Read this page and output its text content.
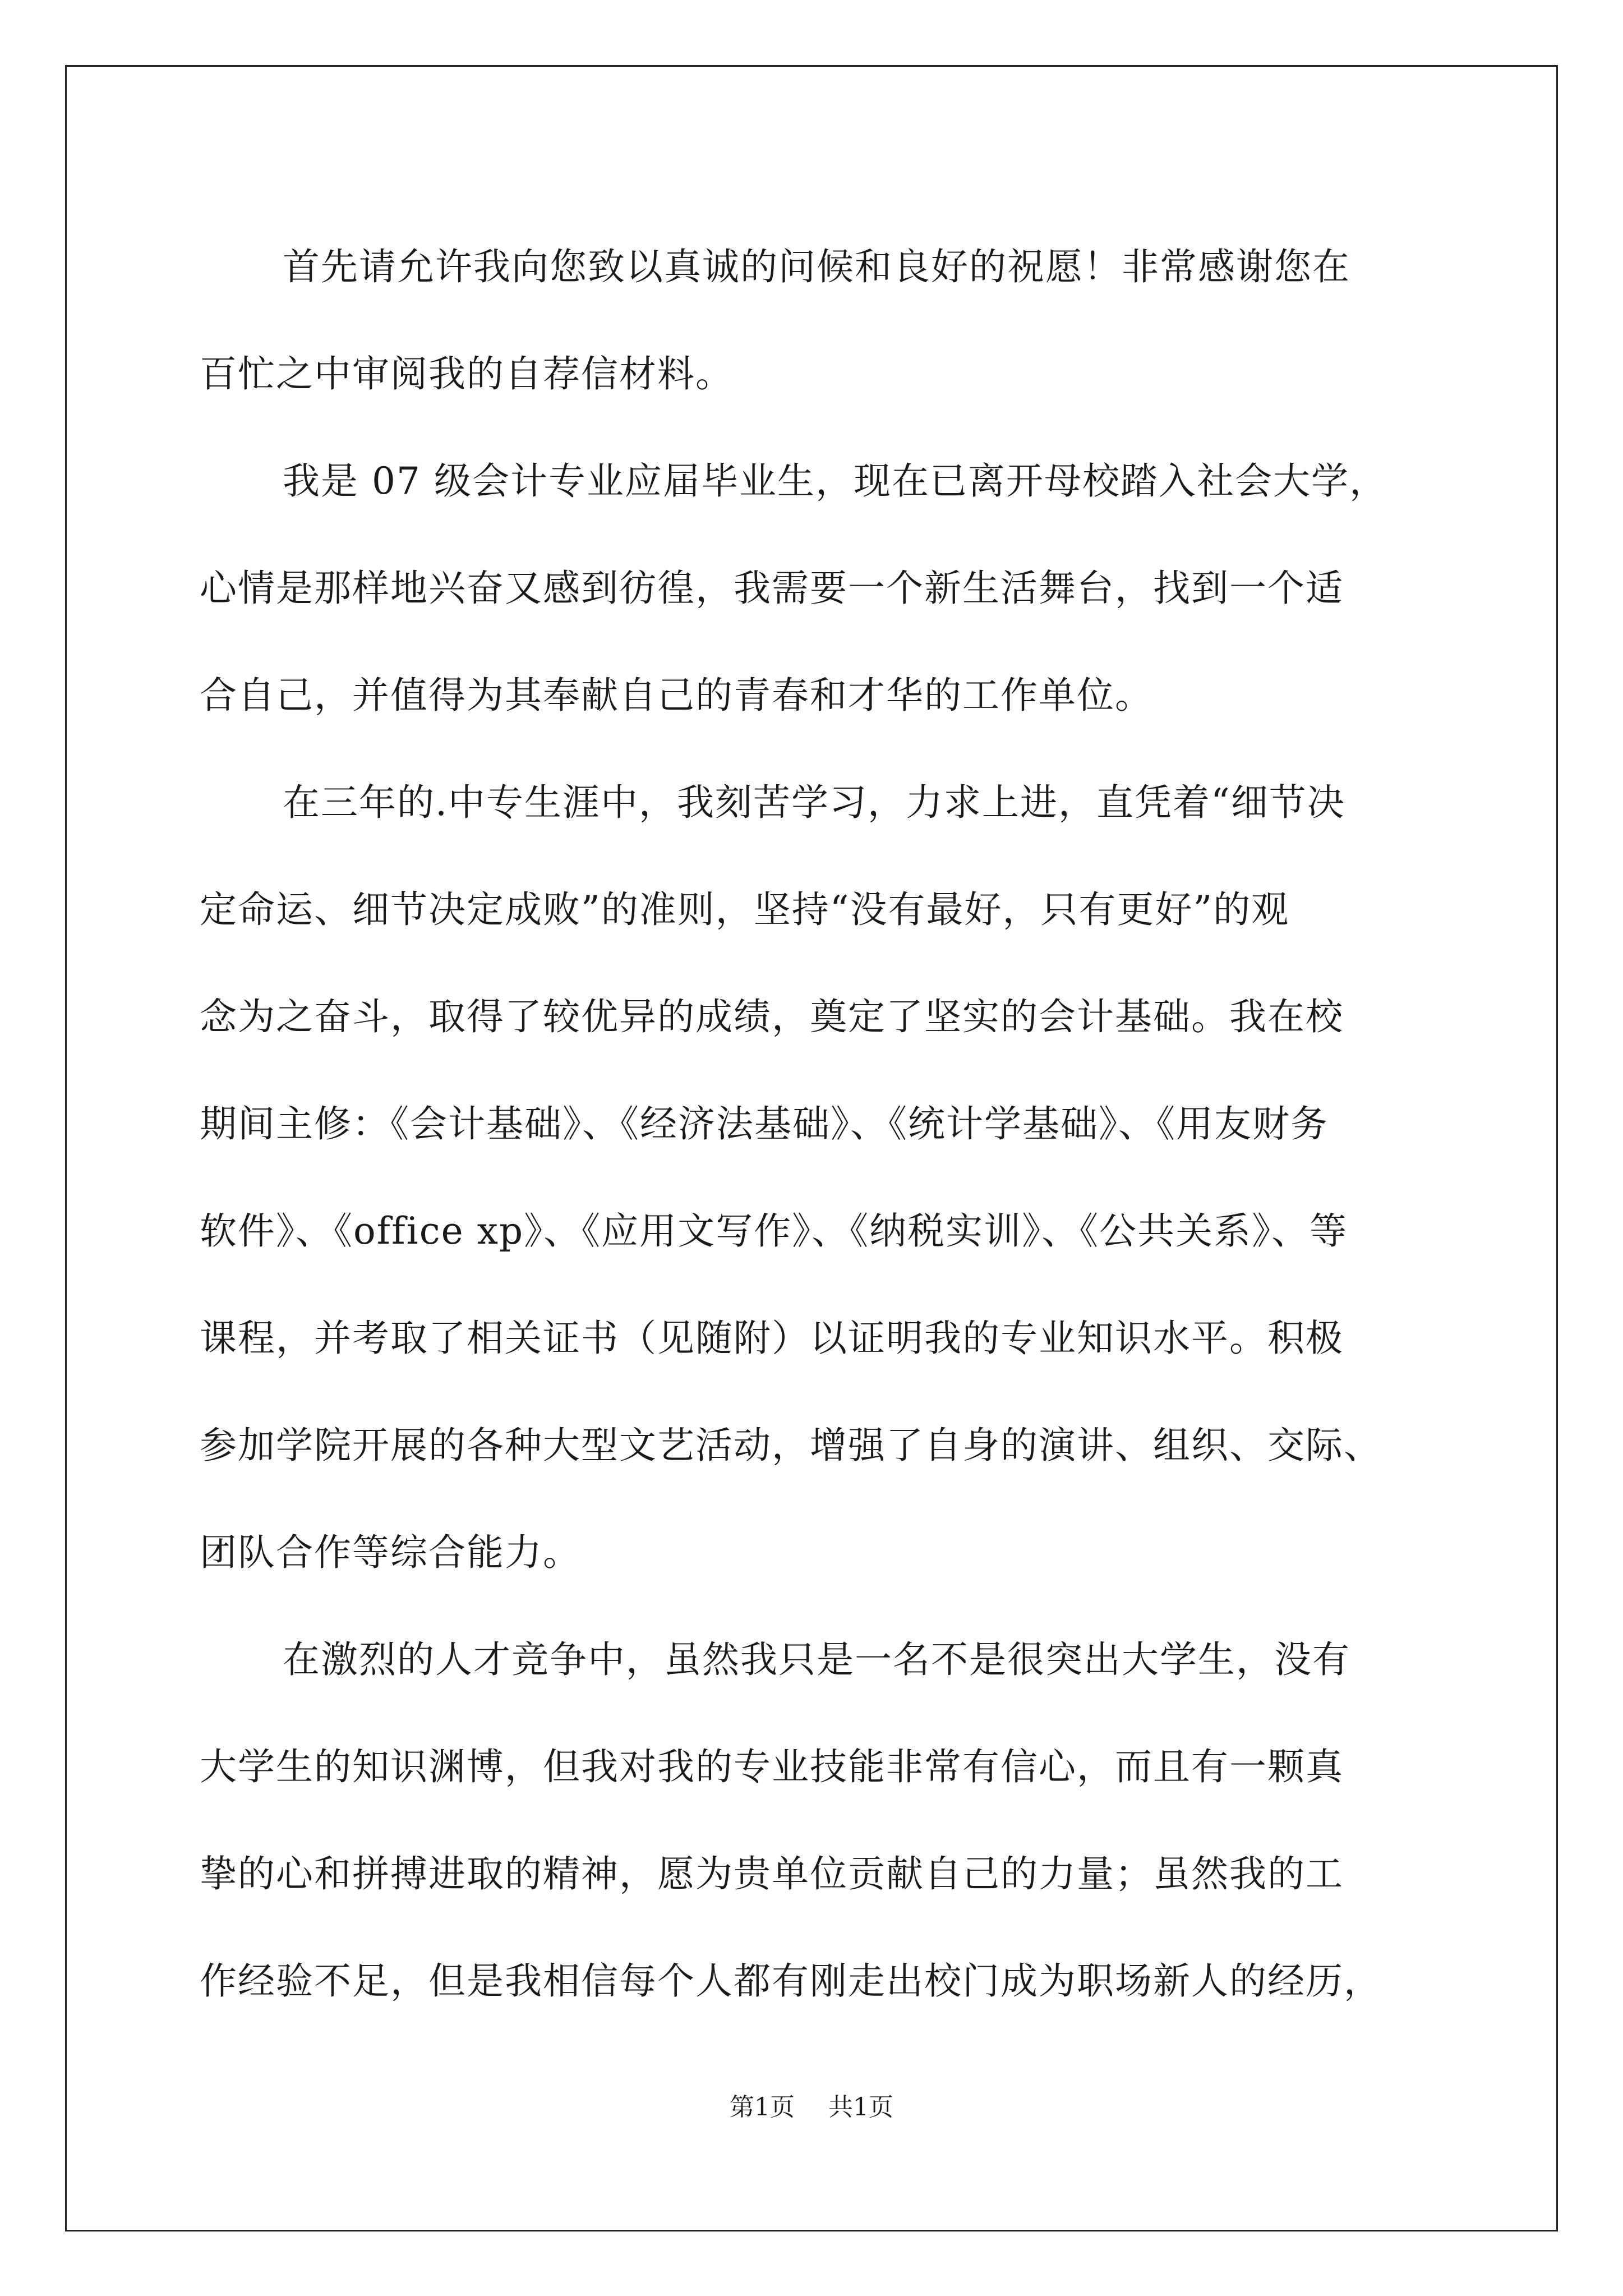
首先请允许我向您致以真诚的问候和良好的祝愿！非常感谢您在
百忙之中审阅我的自荐信材料。
我是 07 级会计专业应届毕业生，现在已离开母校踏入社会大学，
心情是那样地兴奋又感到彷徨，我需要一个新生活舞台，找到一个适
合自己，并值得为其奉献自己的青春和才华的工作单位。
在三年的.中专生涯中，我刻苦学习，力求上进，直凭着“细节决
定命运、细节决定成败”的准则，坚持“没有最好，只有更好”的观
念为之奋斗，取得了较优异的成绩，奠定了坚实的会计基础。我在校
期间主修：《会计基础》、《经济法基础》、《统计学基础》、《用友财务
软件》、《office xp》、《应用文写作》、《纳税实训》、《公共关系》、等
课程，并考取了相关证书（见随附）以证明我的专业知识水平。积极
参加学院开展的各种大型文艺活动，增强了自身的演讲、组织、交际、
团队合作等综合能力。
在激烈的人才竞争中，虽然我只是一名不是很突出大学生，没有
大学生的知识渊博，但我对我的专业技能非常有信心，而且有一颗真
挚的心和拼搏进取的精神，愿为贵单位贡献自己的力量；虽然我的工
作经验不足，但是我相信每个人都有刚走出校门成为职场新人的经历，
第1页 共1页
